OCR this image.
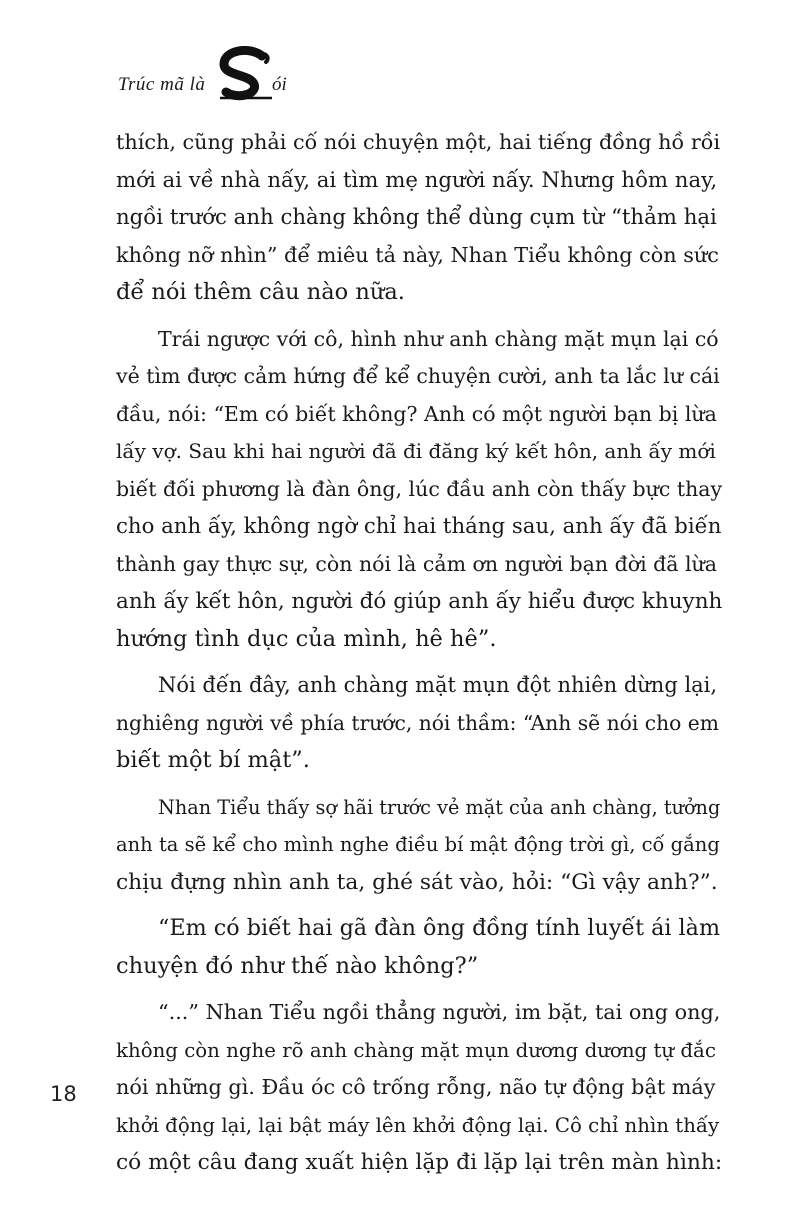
Trúc mã là	ói
thích, cũng phải cố nói chuyện một, hai tiếng đồng hồ rồi
mới ai về nhà nấy, ai tìm mẹ người nấy. Nhưng hôm nay,
ngồi trước anh chàng không thể dùng cụm từ “thảm hại
không nỡ nhìn” để miêu tả này, Nhan Tiểu không còn sức
để nói thêm câu nào nữa.
Trái ngược với cô, hình như anh chàng mặt mụn lại có
vẻ tìm được cảm hứng để kể chuyện cười, anh ta lắc lư cái
đầu, nói: “Em có biết không? Anh có một người bạn bị lừa
lấy vợ. Sau khi hai người đã đi đăng ký kết hôn, anh ấy mới
biết đối phương là đàn ông, lúc đầu anh còn thấy bực thay
cho anh ấy, không ngờ chỉ hai tháng sau, anh ấy đã biến
thành gay thực sự, còn nói là cảm ơn người bạn đời đã lừa
anh ấy kết hôn, người đó giúp anh ấy hiểu được khuynh
hướng tình dục của mình, hê hê”.
Nói đến đây, anh chàng mặt mụn đột nhiên dừng lại,
nghiêng người về phía trước, nói thầm: “Anh sẽ nói cho em
biết một bí mật”.
Nhan Tiểu thấy sợ hãi trước vẻ mặt của anh chàng, tưởng
anh ta sẽ kể cho mình nghe điều bí mật động trời gì, cố gắng
chịu đựng nhìn anh ta, ghé sát vào, hỏi: “Gì vậy anh?”.
“Em có biết hai gã đàn ông đồng tính luyết ái làm
chuyện đó như thế nào không?”
“...” Nhan Tiểu ngồi thẳng người, im bặt, tai ong ong,
không còn nghe rõ anh chàng mặt mụn dương dương tự đắc
nói những gì. Đầu óc cô trống rỗng, não tự động bật máy
khởi động lại, lại bật máy lên khởi động lại. Cô chỉ nhìn thấy
có một câu đang xuất hiện lặp đi lặp lại trên màn hình:
18
